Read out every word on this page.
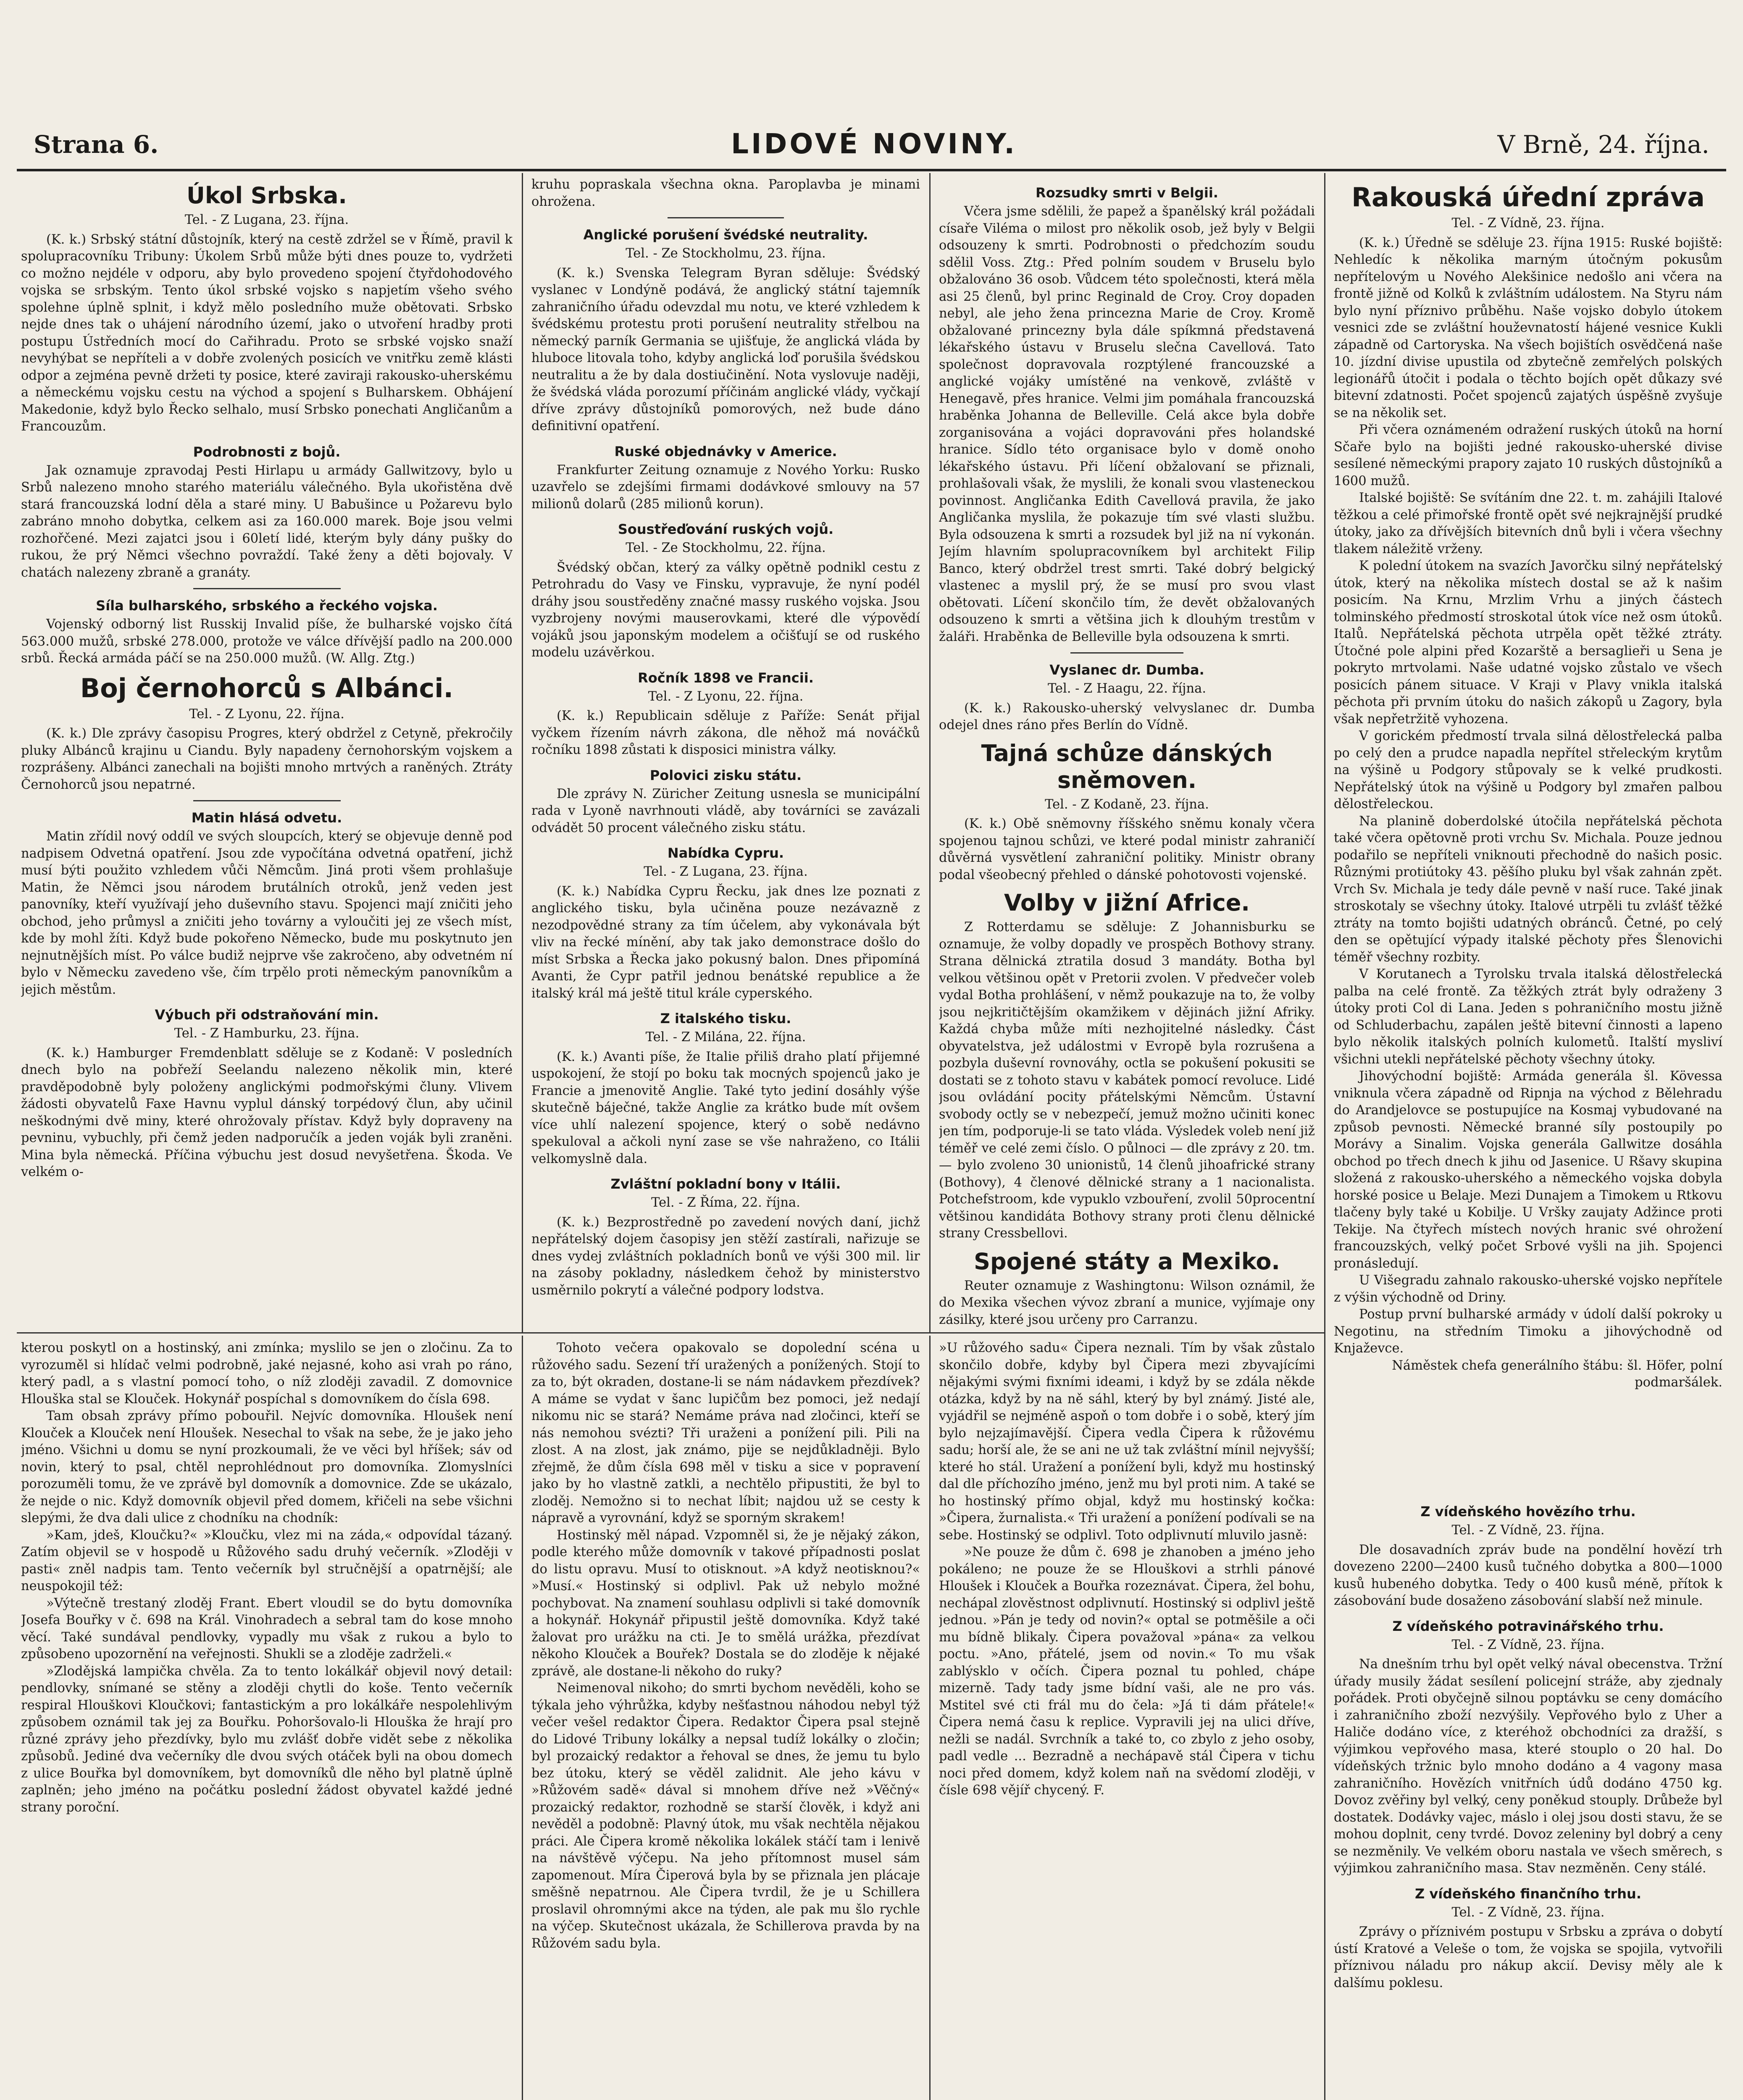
Strana 6.	LIDOVÉ NOVINY.	V Brně, 24. října.
Úkol Srbska.
Tel. - Z Lugana, 23. října.

(K. k.) Srbský státní důstojník, který na cestě zdržel se v Římě, pravil k spolupracovníku Tribuny: Úkolem Srbů může býti dnes pouze to, vydržeti co možno nejdéle v odporu, aby bylo provedeno spojení čtyřdohodového vojska se srbským. Tento úkol srbské vojsko s napjetím všeho svého spolehne úplně splnit, i když mělo posledního muže obětovati. Srbsko nejde dnes tak o uhájení národního území, jako o utvoření hradby proti postupu Ústředních mocí do Cařihradu. Proto se srbské vojsko snaží nevyhýbat se nepříteli a v dobře zvolených posicích ve vnitřku země klásti odpor a zejména pevně držeti ty posice, které zaviraji rakousko-uherskému a německému vojsku cestu na východ a spojení s Bulharskem. Obhájení Makedonie, když bylo Řecko selhalo, musí Srbsko ponechati Angličanům a Francouzům.

Podrobnosti z bojů.

Jak oznamuje zpravodaj Pesti Hirlapu u armády Gallwitzovy, bylo u Srbů nalezeno mnoho starého materiálu válečného. Byla ukořistěna dvě stará francouzská lodní děla a staré miny. U Babušince u Požarevu bylo zabráno mnoho dobytka, celkem asi za 160.000 marek. Boje jsou velmi rozhořčené. Mezi zajatci jsou i 60letí lidé, kterým byly dány pušky do rukou, že prý Němci všechno povraždí. Také ženy a děti bojovaly. V chatách nalezeny zbraně a granáty.

Síla bulharského, srbského a řeckého vojska.

Vojenský odborný list Russkij Invalid píše, že bulharské vojsko čítá 563.000 mužů, srbské 278.000, protože ve válce dřívější padlo na 200.000 srbů. Řecká armáda páčí se na 250.000 mužů. (W. Allg. Ztg.)

Boj černohorců s Albánci.
Tel. - Z Lyonu, 22. října.

(K. k.) Dle zprávy časopisu Progres, který obdržel z Cetyně, překročily pluky Albánců krajinu u Ciandu. Byly napadeny černohorským vojskem a rozprášeny. Albánci zanechali na bojišti mnoho mrtvých a raněných. Ztráty Černohorců jsou nepatrné.

Matin hlásá odvetu.

Matin zřídil nový oddíl ve svých sloupcích, který se objevuje denně pod nadpisem Odvetná opatření. Jsou zde vypočítána odvetná opatření, jichž musí býti použito vzhledem vůči Němcům. Jiná proti všem prohlašuje Matin, že Němci jsou národem brutálních otroků, jenž veden jest panovníky, kteří využívají jeho duševního stavu. Spojenci mají zničiti jeho obchod, jeho průmysl a zničiti jeho továrny a vyloučiti jej ze všech míst, kde by mohl žíti. Když bude pokořeno Německo, bude mu poskytnuto jen nejnutnějších míst. Po válce budiž nejprve vše zakročeno, aby odvetném ní bylo v Německu zavedeno vše, čím trpělo proti německým panovníkům a jejich městům.

Výbuch při odstraňování min.
Tel. - Z Hamburku, 23. října.

(K. k.) Hamburger Fremdenblatt sděluje se z Kodaně: V posledních dnech bylo na pobřeží Seelandu nalezeno několik min, které pravděpodobně byly položeny anglickými podmořskými čluny. Vlivem žádosti obyvatelů Faxe Havnu vyplul dánský torpédový člun, aby učinil neškodnými dvě miny, které ohrožovaly přístav. Když byly dopraveny na pevninu, vybuchly, při čemž jeden nadporučík a jeden voják byli zraněni. Mina byla německá. Příčina výbuchu jest dosud nevyšetřena. Škoda. Ve velkém o-

kruhu popraskala všechna okna. Paroplavba je minami ohrožena.

Anglické porušení švédské neutrality.
Tel. - Ze Stockholmu, 23. října.

(K. k.) Svenska Telegram Byran sděluje: Švédský vyslanec v Londýně podává, že anglický státní tajemník zahraničního úřadu odevzdal mu notu, ve které vzhledem k švédskému protestu proti porušení neutrality střelbou na německý parník Germania se ujišťuje, že anglická vláda by hluboce litovala toho, kdyby anglická loď porušila švédskou neutralitu a že by dala dostiučinění. Nota vyslovuje naději, že švédská vláda porozumí příčinám anglické vlády, vyčkají dříve zprávy důstojníků pomorových, než bude dáno definitivní opatření.

Ruské objednávky v Americe.

Frankfurter Zeitung oznamuje z Nového Yorku: Rusko uzavřelo se zdejšími firmami dodávkové smlouvy na 57 milionů dolarů (285 milionů korun).

Soustřeďování ruských vojů.
Tel. - Ze Stockholmu, 22. října.

Švédský občan, který za války opětně podnikl cestu z Petrohradu do Vasy ve Finsku, vypravuje, že nyní podél dráhy jsou soustředěny značné massy ruského vojska. Jsou vyzbrojeny novými mauserovkami, které dle výpovědí vojáků jsou japonským modelem a očišťují se od ruského modelu uzávěrkou.

Ročník 1898 ve Francii.
Tel. - Z Lyonu, 22. října.

(K. k.) Republicain sděluje z Paříže: Senát přijal vyčkem řízením návrh zákona, dle něhož má nováčků ročníku 1898 zůstati k disposici ministra války.

Polovici zisku státu.

Dle zprávy N. Züricher Zeitung usnesla se municipální rada v Lyoně navrhnouti vládě, aby továrníci se zavázali odvádět 50 procent válečného zisku státu.

Nabídka Cypru.
Tel. - Z Lugana, 23. října.

(K. k.) Nabídka Cypru Řecku, jak dnes lze poznati z anglického tisku, byla učiněna pouze nezávazně z nezodpovědné strany za tím účelem, aby vykonávala být vliv na řecké mínění, aby tak jako demonstrace došlo do míst Srbska a Řecka jako pokusný balon. Dnes připomíná Avanti, že Cypr patřil jednou benátské republice a že italský král má ještě titul krále cyperského.

Z italského tisku.
Tel. - Z Milána, 22. října.

(K. k.) Avanti píše, že Italie přiliš draho platí přijemné uspokojení, že stojí po boku tak mocných spojenců jako je Francie a jmenovitě Anglie. Také tyto jediní dosáhly výše skutečně báječné, takže Anglie za krátko bude mít ovšem více uhlí nalezení spojence, který o sobě nedávno spekuloval a ačkoli nyní zase se vše nahraženo, co Itálii velkomyslně dala.

Zvláštní pokladní bony v Itálii.
Tel. - Z Říma, 22. října.

(K. k.) Bezprostředně po zavedení nových daní, jichž nepřátelský dojem časopisy jen stěží zastírali, nařizuje se dnes vydej zvláštních pokladních bonů ve výši 300 mil. lir na zásoby pokladny, následkem čehož by ministerstvo usměrnilo pokrytí a válečné podpory lodstva.

Rozsudky smrti v Belgii.

Včera jsme sdělili, že papež a španělský král požádali císaře Viléma o milost pro několik osob, jež byly v Belgii odsouzeny k smrti. Podrobnosti o předchozím soudu sdělil Voss. Ztg.: Před polním soudem v Bruselu bylo obžalováno 36 osob. Vůdcem této společnosti, která měla asi 25 členů, byl princ Reginald de Croy. Croy dopaden nebyl, ale jeho žena princezna Marie de Croy. Kromě obžalované princezny byla dále spíkmná představená lékařského ústavu v Bruselu slečna Cavellová. Tato společnost dopravovala rozptýlené francouzské a anglické vojáky umístěné na venkově, zvláště v Henegavě, přes hranice. Velmi jim pomáhala francouzská hraběnka Johanna de Belleville. Celá akce byla dobře zorganisována a vojáci dopravováni přes holandské hranice. Sídlo této organisace bylo v domě onoho lékařského ústavu. Při líčení obžalovaní se přiznali, prohlašovali však, že myslili, že konali svou vlasteneckou povinnost. Angličanka Edith Cavellová pravila, že jako Angličanka myslila, že pokazuje tím své vlasti službu. Byla odsouzena k smrti a rozsudek byl již na ní vykonán. Jejím hlavním spolupracovníkem byl architekt Filip Banco, který obdržel trest smrti. Také dobrý belgický vlastenec a myslil prý, že se musí pro svou vlast obětovati. Líčení skončilo tím, že devět obžalovaných odsouzeno k smrti a většina jich k dlouhým trestům v žaláři. Hraběnka de Belleville byla odsouzena k smrti.

Vyslanec dr. Dumba.
Tel. - Z Haagu, 22. října.

(K. k.) Rakousko-uherský velvyslanec dr. Dumba odejel dnes ráno přes Berlín do Vídně.

Tajná schůze dánských sněmoven.
Tel. - Z Kodaně, 23. října.

(K. k.) Obě sněmovny říšského sněmu konaly včera spojenou tajnou schůzi, ve které podal ministr zahraničí důvěrná vysvětlení zahraniční politiky. Ministr obrany podal všeobecný přehled o dánské pohotovosti vojenské.

Volby v jižní Africe.

Z Rotterdamu se sděluje: Z Johannisburku se oznamuje, že volby dopadly ve prospěch Bothovy strany. Strana dělnická ztratila dosud 3 mandáty. Botha byl velkou většinou opět v Pretorii zvolen. V předvečer voleb vydal Botha prohlášení, v němž poukazuje na to, že volby jsou nejkritičtějším okamžikem v dějinách jižní Afriky. Každá chyba může míti nezhojitelné následky. Část obyvatelstva, jež událostmi v Evropě byla rozrušena a pozbyla duševní rovnováhy, octla se pokušení pokusiti se dostati se z tohoto stavu v kabátek pomocí revoluce. Lidé jsou ovládání pocity přátelskými Němcům. Ústavní svobody octly se v nebezpečí, jemuž možno učiniti konec jen tím, podporuje-li se tato vláda. Výsledek voleb není již téměř ve celé zemi číslo. O půlnoci — dle zprávy z 20. tm. — bylo zvoleno 30 unionistů, 14 členů jihoafrické strany (Bothovy), 4 členové dělnické strany a 1 nacionalista. Potchefstroom, kde vypuklo vzbouření, zvolil 50procentní většinou kandidáta Bothovy strany proti členu dělnické strany Cressbellovi.

Spojené státy a Mexiko.

Reuter oznamuje z Washingtonu: Wilson oznámil, že do Mexika všechen vývoz zbraní a munice, vyjímaje ony zásilky, které jsou určeny pro Carranzu.

Rakouská úřední zpráva
Tel. - Z Vídně, 23. října.

(K. k.) Úředně se sděluje 23. října 1915: Ruské bojiště: Nehledíc k několika marným útočným pokusům nepřítelovým u Nového Alekšinice nedošlo ani včera na frontě jižně od Kolků k zvláštním událostem. Na Styru nám bylo nyní příznivo průběhu. Naše vojsko dobylo útokem vesnici zde se zvláštní houževnatostí hájené vesnice Kukli západně od Cartoryska. Na všech bojištích osvědčená naše 10. jízdní divise upustila od zbytečně zemřelých polských legionářů útočit i podala o těchto bojích opět důkazy své bitevní zdatnosti. Počet spojenců zajatých úspěšně zvyšuje se na několik set.

Při včera oznámeném odražení ruských útoků na horní Sčaře bylo na bojišti jedné rakousko-uherské divise sesílené německými prapory zajato 10 ruských důstojníků a 1600 mužů.

Italské bojiště: Se svítáním dne 22. t. m. zahájili Italové těžkou a celé přimořské frontě opět své nejkrajnější prudké útoky, jako za dřívějších bitevních dnů byli i včera všechny tlakem náležitě vrženy.

K polední útokem na svazích Javorčku silný nepřátelský útok, který na několika místech dostal se až k našim posicím. Na Krnu, Mrzlim Vrhu a jiných částech tolminského předmostí stroskotal útok více než osm útoků. Italů. Nepřátelská pěchota utrpěla opět těžké ztráty. Útočné pole alpini před Kozarště a bersaglieři u Sena je pokryto mrtvolami. Naše udatné vojsko zůstalo ve všech posicích pánem situace. V Kraji v Plavy vnikla italská pěchota při prvním útoku do našich zákopů u Zagory, byla však nepřetržitě vyhozena.

V gorickém předmostí trvala silná dělostřelecká palba po celý den a prudce napadla nepřítel střeleckým krytům na výšině u Podgory stůpovaly se k velké prudkosti. Nepřátelský útok na výšině u Podgory byl zmařen palbou dělostřeleckou.

Na planině doberdolské útočila nepřátelská pěchota také včera opětovně proti vrchu Sv. Michala. Pouze jednou podařilo se nepříteli vniknouti přechodně do našich posic. Různými protiútoky 43. pěšího pluku byl však zahnán zpět. Vrch Sv. Michala je tedy dále pevně v naší ruce. Také jinak stroskotaly se všechny útoky. Italové utrpěli tu zvlášť těžké ztráty na tomto bojišti udatných obránců. Četné, po celý den se opětující výpady italské pěchoty přes Šlenovichi téměř všechny rozbity.

V Korutanech a Tyrolsku trvala italská dělostřelecká palba na celé frontě. Za těžkých ztrát byly odraženy 3 útoky proti Col di Lana. Jeden s pohraničního mostu jižně od Schluderbachu, zapálen ještě bitevní činnosti a lapeno bylo několik italských polních kulometů. Italští mysliví všichni utekli nepřátelské pěchoty všechny útoky.

Jihovýchodní bojiště: Armáda generála šl. Kövessa vniknula včera západně od Ripnja na východ z Bělehradu do Arandjelovce se postupujíce na Kosmaj vybudované na způsob pevnosti. Německé branné síly postoupily po Morávy a Sinalim. Vojska generála Gallwitze dosáhla obchod po třech dnech k jihu od Jasenice. U Ršavy skupina složená z rakousko-uherského a německého vojska dobyla horské posice u Belaje. Mezi Dunajem a Timokem u Rtkovu tlačeny byly také u Kobilje. U Vršky zaujaty Adžince proti Tekije. Na čtyřech místech nových hranic své ohrožení francouzských, velký počet Srbové vyšli na jih. Spojenci pronásledují.

U Višegradu zahnalo rakousko-uherské vojsko nepřítele z výšin východně od Driny.

Postup první bulharské armády v údolí další pokroky u Negotinu, na středním Timoku a jihovýchodně od Knjaževce.

Náměstek chefa generálního štábu: šl. Höfer, polní podmaršálek.

kterou poskytl on a hostinský, ani zmínka; myslilo se jen o zločinu. Za to vyrozuměl si hlídač velmi podrobně, jaké nejasné, koho asi vrah po ráno, který padl, a s vlastní pomocí toho, o níž zloději zavadil. Z domovnice Hlouška stal se Klouček. Hokynář pospíchal s domovníkem do čísla 698.

Tam obsah zprávy přímo pobouřil. Nejvíc domovníka. Hloušek není Klouček a Klouček není Hloušek. Nesechal to však na sebe, že je jako jeho jméno. Všichni u domu se nyní prozkoumali, že ve věci byl hříšek; sáv od novin, který to psal, chtěl neprohlédnout pro domovníka. Zlomyslníci porozuměli tomu, že ve zprávě byl domovník a domovnice. Zde se ukázalo, že nejde o nic. Když domovník objevil před domem, křičeli na sebe všichni slepými, že dva dali ulice z chodníku na chodník:

»Kam, jdeš, Kloučku?« »Kloučku, vlez mi na záda,« odpovídal tázaný. Zatím objevil se v hospodě u Růžového sadu druhý večerník. »Zloději v pasti« zněl nadpis tam. Tento večerník byl stručnější a opatrnější; ale neuspokojil též:

»Výtečně trestaný zloděj Frant. Ebert vloudil se do bytu domovníka Josefa Bouřky v č. 698 na Král. Vinohradech a sebral tam do kose mnoho věcí. Také sundával pendlovky, vypadly mu však z rukou a bylo to způsobeno upozornění na veřejnosti. Shukli se a zloděje zadrželi.«

»Zlodějská lampička chvěla. Za to tento lokálkář objevil nový detail: pendlovky, snímané se stěny a zloději chytli do koše. Tento večerník respiral Hlouškovi Kloučkovi; fantastickým a pro lokálkáře nespolehlivým způsobem oznámil tak jej za Bouřku. Pohoršovalo-li Hlouška že hrají pro různé zprávy jeho přezdívky, bylo mu zvlášť dobře vidět sebe z několika způsobů. Jediné dva večerníky dle dvou svých otáček byli na obou domech z ulice Bouřka byl domovníkem, byt domovníků dle něho byl platně úplně zaplněn; jeho jméno na počátku poslední žádost obyvatel každé jedné strany poroční.

Tohoto večera opakovalo se dopolední scéna u růžového sadu. Sezení tří uražených a ponížených. Stojí to za to, být okraden, dostane-li se nám nádavkem přezdívek? A máme se vydat v šanc lupičům bez pomoci, jež nedají nikomu nic se stará? Nemáme práva nad zločinci, kteří se nás nemohou svézti? Tři uraženi a ponížení pili. Pili na zlost. A na zlost, jak známo, pije se nejdůkladněji. Bylo zřejmě, že dům čísla 698 měl v tisku a sice v popravení jako by ho vlastně zatkli, a nechtělo připustiti, že byl to zloděj. Nemožno si to nechat líbit; najdou už se cesty k nápravě a vyrovnání, když se sporným skrakem!

Hostinský měl nápad. Vzpomněl si, že je nějaký zákon, podle kterého může domovník v takové případnosti poslat do listu opravu. Musí to otisknout. »A když neotisknou?« »Musí.« Hostinský si odplivl. Pak už nebylo možné pochybovat. Na znamení souhlasu odplivli si také domovník a hokynář. Hokynář připustil ještě domovníka. Když také žalovat pro urážku na cti. Je to smělá urážka, přezdívat někoho Klouček a Bouřek? Dostala se do zloděje k nějaké zprávě, ale dostane-li někoho do ruky?

Neimenoval nikoho; do smrti bychom nevěděli, koho se týkala jeho výhrůžka, kdyby nešťastnou náhodou nebyl týž večer vešel redaktor Čipera. Redaktor Čipera psal stejně do Lidové Tribuny lokálky a nepsal tudíž lokálky o zločin; byl prozaický redaktor a řehoval se dnes, že jemu tu bylo bez útoku, který se věděl zalidnit. Ale jeho kávu v »Růžovém sadě« dával si mnohem dříve než »Věčný« prozaický redaktor, rozhodně se starší člověk, i když ani nevěděl a podobně: Plavný útok, mu však nechtěla nějakou práci. Ale Čipera kromě několika lokálek stáčí tam i lenivě na návštěvě výčepu. Na jeho přítomnost musel sám zapomenout. Míra Čiperová byla by se přiznala jen plácaje směšně nepatrnou. Ale Čipera tvrdil, že je u Schillera proslavil ohromnými akce na týden, ale pak mu šlo rychle na výčep. Skutečnost ukázala, že Schillerova pravda by na Růžovém sadu byla.

»U růžového sadu« Čipera neznali. Tím by však zůstalo skončilo dobře, kdyby byl Čipera mezi zbyvajícími nějakými svými fixními ideami, i když by se zdála někde otázka, když by na ně sáhl, který by byl známý. Jisté ale, vyjádřil se nejméně aspoň o tom dobře i o sobě, který jím bylo nejzajímavější. Čipera vedla Čipera k růžovému sadu; horší ale, že se ani ne už tak zvláštní mínil nejvyšší; které ho stál. Uražení a ponížení byli, když mu hostinský dal dle příchozího jméno, jenž mu byl proti nim. A také se ho hostinský přímo objal, když mu hostinský kočka: »Čipera, žurnalista.« Tři uražení a ponížení podívali se na sebe. Hostinský se odplivl. Toto odplivnutí mluvilo jasně:

»Ne pouze že dům č. 698 je zhanoben a jméno jeho pokáleno; ne pouze že se Hlouškovi a strhli pánové Hloušek i Klouček a Bouřka rozeznávat. Čipera, žel bohu, nechápal zlověstnost odplivnutí. Hostinský si odplivl ještě jednou. »Pán je tedy od novin?« optal se potměšile a oči mu bídně blikaly. Čipera považoval »pána« za velkou poctu. »Ano, přátelé, jsem od novin.« To mu však zablýsklo v očích. Čipera poznal tu pohled, chápe mizerně. Tady tady jsme bídní vaši, ale ne pro vás. Mstitel své cti frál mu do čela: »Já ti dám přátele!« Čipera nemá času k replice. Vypravili jej na ulici dříve, nežli se nadál. Svrchník a také to, co zbylo z jeho osoby, padl vedle ... Bezradně a nechápavě stál Čipera v tichu noci před domem, když kolem naň na svědomí zloději, v čísle 698 vějíř chycený. F.

Z vídeňského hovězího trhu.
Tel. - Z Vídně, 23. října.

Dle dosavadních zpráv bude na pondělní hovězí trh dovezeno 2200—2400 kusů tučného dobytka a 800—1000 kusů hubeného dobytka. Tedy o 400 kusů méně, přítok k zásobování bude dosaženo zásobování slabší než minule.

Z vídeňského potravinářského trhu.
Tel. - Z Vídně, 23. října.

Na dnešním trhu byl opět velký nával obecenstva. Tržní úřady musily žádat sesílení policejní stráže, aby zjednaly pořádek. Proti obyčejně silnou poptávku se ceny domácího i zahraničního zboží nezvýšily. Vepřového bylo z Uher a Haliče dodáno více, z kteréhož obchodníci za dražší, s výjimkou vepřového masa, které stouplo o 20 hal. Do vídeňských tržnic bylo mnoho dodáno a 4 vagony masa zahraničního. Hovězích vnitřních údů dodáno 4750 kg. Dovoz zvěřiny byl velký, ceny poněkud stouply. Drůbeže byl dostatek. Dodávky vajec, máslo i olej jsou dosti stavu, že se mohou doplnit, ceny tvrdé. Dovoz zeleniny byl dobrý a ceny se nezměnily. Ve velkém oboru nastala ve všech směrech, s výjimkou zahraničního masa. Stav nezměněn. Ceny stálé.

Z vídeňského finančního trhu.
Tel. - Z Vídně, 23. října.

Zprávy o příznivém postupu v Srbsku a zpráva o dobytí ústí Kratové a Veleše o tom, že vojska se spojila, vytvořili příznivou náladu pro nákup akcií. Devisy měly ale k dalšímu poklesu.
